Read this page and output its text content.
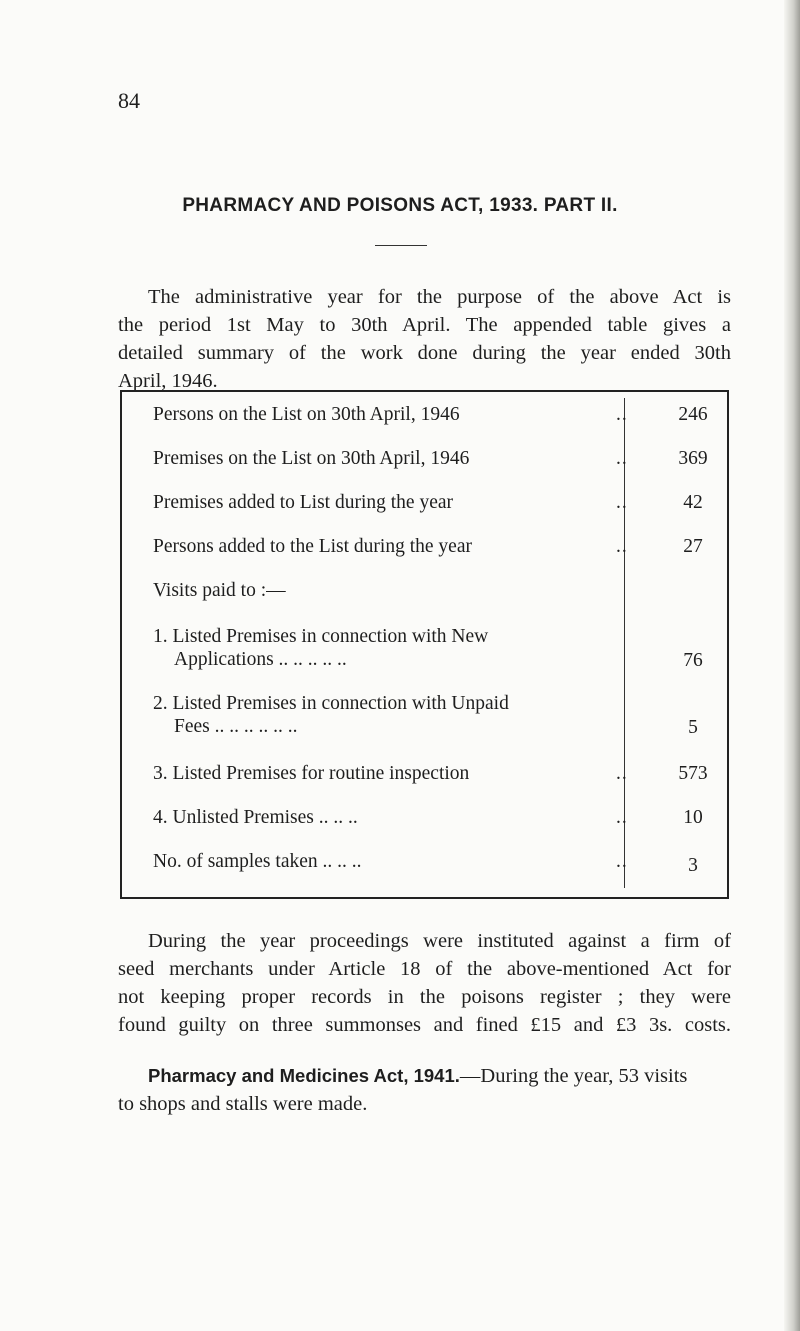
84
PHARMACY AND POISONS ACT, 1933. PART II.
The administrative year for the purpose of the above Act is
the period 1st May to 30th April. The appended table gives a
detailed summary of the work done during the year ended 30th
April, 1946.
Persons on the List on 30th April, 1946	..	246
Premises on the List on 30th April, 1946	..	369
Premises added to List during the year	..	42
Persons added to the List during the year	..	27
Visits paid to :—
1. Listed Premises in connection with New
Applications .. .. .. .. ..	76
2. Listed Premises in connection with Unpaid
Fees .. .. .. .. .. ..	5
3. Listed Premises for routine inspection	..	573
4. Unlisted Premises .. .. ..	..	10
No. of samples taken .. .. ..	..	3
During the year proceedings were instituted against a firm of
seed merchants under Article 18 of the above-mentioned Act for
not keeping proper records in the poisons register ; they were
found guilty on three summonses and fined £15 and £3 3s. costs.
Pharmacy and Medicines Act, 1941.—During the year, 53 visits
to shops and stalls were made.
